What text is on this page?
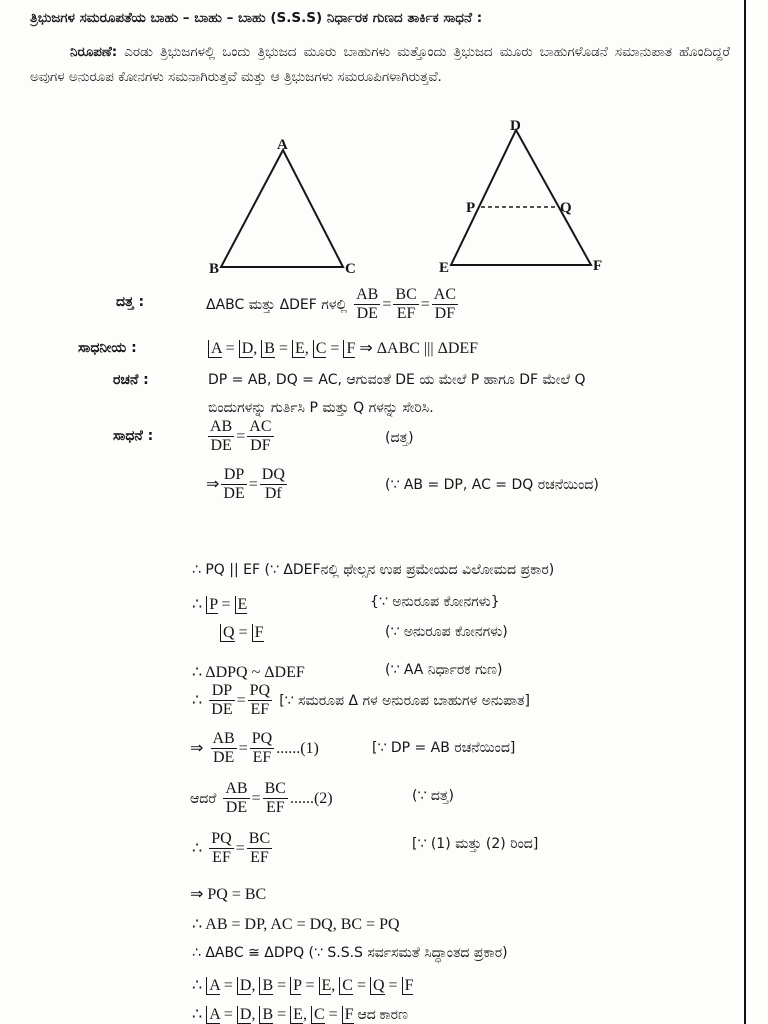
ತ್ರಿಭುಜಗಳ ಸಮರೂಪತೆಯ ಬಾಹು – ಬಾಹು – ಬಾಹು (S.S.S) ನಿರ್ಧಾರಕ ಗುಣದ ತಾರ್ಕಿಕ ಸಾಧನೆ :
ನಿರೂಪಣೆ: ಎರಡು ತ್ರಿಭುಜಗಳಲ್ಲಿ ಒಂದು ತ್ರಿಭುಜದ ಮೂರು ಬಾಹುಗಳು ಮತ್ತೊಂದು ತ್ರಿಭುಜದ ಮೂರು ಬಾಹುಗಳೊಡನೆ ಸಮಾನುಪಾತ ಹೊಂದಿದ್ದರೆ ಅವುಗಳ ಅನುರೂಪ ಕೋನಗಳು ಸಮನಾಗಿರುತ್ತವೆ ಮತ್ತು ಆ ತ್ರಿಭುಜಗಳು ಸಮರೂಪಿಗಳಾಗಿರುತ್ತವೆ.
A
B	C
D
E	F
P	Q
ದತ್ತ :	ΔABC ಮತ್ತು ΔDEF ಗಳಲ್ಲಿ $\frac{AB}{DE} = \frac{BC}{EF} = \frac{AC}{DF}$
ಸಾಧನೀಯ :	A = D, B = E, C = F ⇒ ΔABC ||| ΔDEF
ರಚನೆ :	DP = AB, DQ = AC, ಆಗುವಂತೆ DE ಯ ಮೇಲೆ P ಹಾಗೂ DF ಮೇಲೆ Q
ಬಿಂದುಗಳನ್ನು ಗುರ್ತಿಸಿ P ಮತ್ತು Q ಗಳನ್ನು ಸೇರಿಸಿ.
ಸಾಧನೆ :	$\frac{AB}{DE} = \frac{AC}{DF}$	(ದತ್ತ)
⇒ $\frac{DP}{DE} = \frac{DQ}{Df}$	(∵ AB = DP, AC = DQ ರಚನೆಯಿಂದ)
∴ PQ || EF (∵ ΔDEFನಲ್ಲಿ ಥೇಲ್ಸನ ಉಪ ಪ್ರಮೇಯದ ವಿಲೋಮದ ಪ್ರಕಾರ)
∴ P = E	{∵ ಅನುರೂಪ ಕೋನಗಳು}
Q = F	(∵ ಅನುರೂಪ ಕೋನಗಳು)
∴ ΔDPQ ~ ΔDEF	(∵ AA ನಿರ್ಧಾರಕ ಗುಣ)
∴ $\frac{DP}{DE} = \frac{PQ}{EF}$ [∵ ಸಮರೂಪ Δ ಗಳ ಅನುರೂಪ ಬಾಹುಗಳ ಅನುಪಾತ]
⇒ $\frac{AB}{DE} = \frac{PQ}{EF} ......(1)$	[∵ DP = AB ರಚನೆಯಿಂದ]
ಆದರೆ $\frac{AB}{DE} = \frac{BC}{EF} ......(2)$	(∵ ದತ್ತ)
∴ $\frac{PQ}{EF} = \frac{BC}{EF}$	[∵ (1) ಮತ್ತು (2) ರಿಂದ]
⇒ PQ = BC
∴ AB = DP, AC = DQ, BC = PQ
∴ ΔABC ≅ ΔDPQ (∵ S.S.S ಸರ್ವಸಮತೆ ಸಿದ್ಧಾಂತದ ಪ್ರಕಾರ)
∴ A = D, B = P = E, C = Q = F
∴ A = D, B = E, C = F ಆದ ಕಾರಣ
